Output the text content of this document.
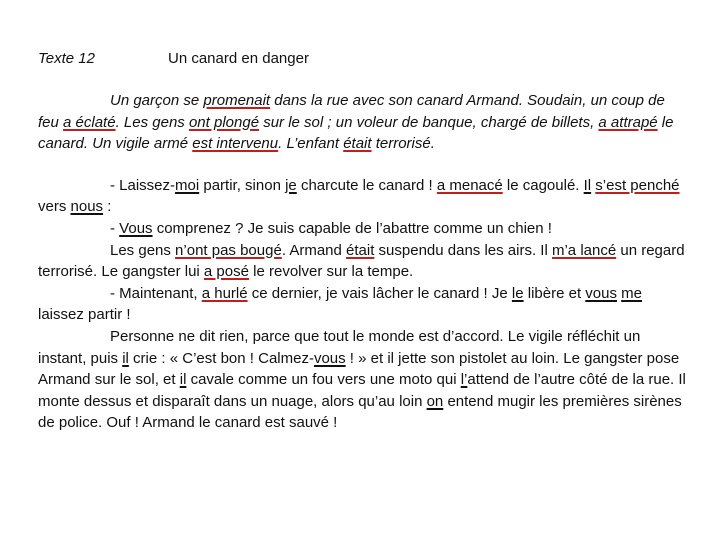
Texte 12	Un canard en danger

Un garçon se promenait dans la rue avec son canard Armand. Soudain, un coup de feu a éclaté. Les gens ont plongé sur le sol ; un voleur de banque, chargé de billets, a attrapé le canard. Un vigile armé est intervenu. L’enfant était terrorisé.

- Laissez-moi partir, sinon je charcute le canard ! a menacé le cagoulé. Il s’est penché vers nous :

- Vous comprenez ? Je suis capable de l’abattre comme un chien !

Les gens n’ont pas bougé. Armand était suspendu dans les airs. Il m’a lancé un regard terrorisé. Le gangster lui a posé le revolver sur la tempe.

- Maintenant, a hurlé ce dernier, je vais lâcher le canard ! Je le libère et vous me laissez partir !

Personne ne dit rien, parce que tout le monde est d’accord. Le vigile réfléchit un instant, puis il crie : « C’est bon ! Calmez-vous ! » et il jette son pistolet au loin. Le gangster pose Armand sur le sol, et il cavale comme un fou vers une moto qui l’attend de l’autre côté de la rue. Il monte dessus et disparaît dans un nuage, alors qu’au loin on entend mugir les premières sirènes de police. Ouf ! Armand le canard est sauvé !
